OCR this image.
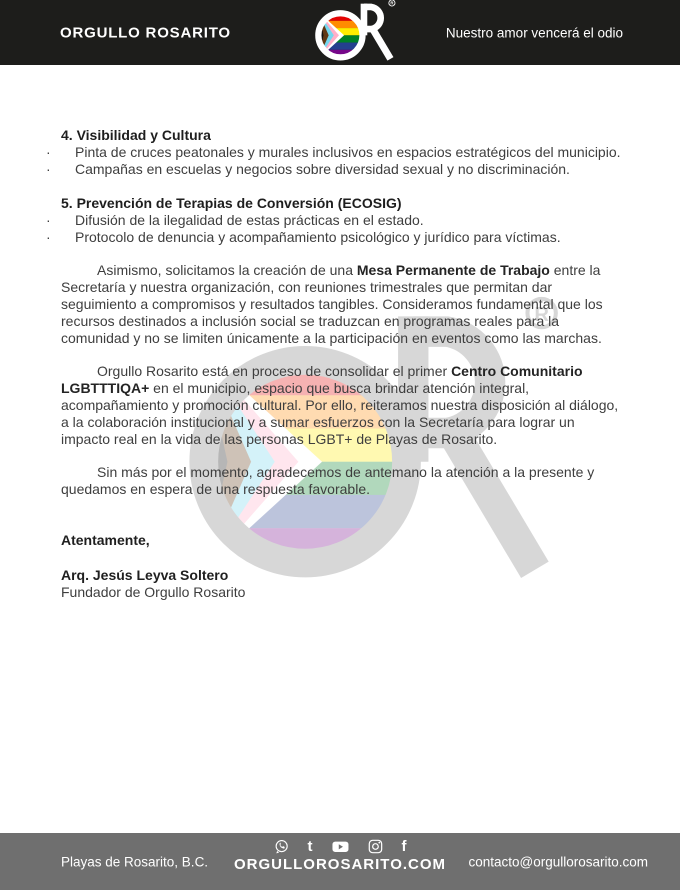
ORGULLO ROSARITO	Nuestro amor vencerá el odio
4. Visibilidad y Cultura
· Pinta de cruces peatonales y murales inclusivos en espacios estratégicos del municipio.
· Campañas en escuelas y negocios sobre diversidad sexual y no discriminación.
5. Prevención de Terapias de Conversión (ECOSIG)
· Difusión de la ilegalidad de estas prácticas en el estado.
· Protocolo de denuncia y acompañamiento psicológico y jurídico para víctimas.

Asimismo, solicitamos la creación de una Mesa Permanente de Trabajo entre la Secretaría y nuestra organización, con reuniones trimestrales que permitan dar seguimiento a compromisos y resultados tangibles. Consideramos fundamental que los recursos destinados a inclusión social se traduzcan en programas reales para la comunidad y no se limiten únicamente a la participación en eventos como las marchas.

Orgullo Rosarito está en proceso de consolidar el primer Centro Comunitario LGBTTTIQA+ en el municipio, espacio que busca brindar atención integral, acompañamiento y promoción cultural. Por ello, reiteramos nuestra disposición al diálogo, a la colaboración institucional y a sumar esfuerzos con la Secretaría para lograr un impacto real en la vida de las personas LGBT+ de Playas de Rosarito.

Sin más por el momento, agradecemos de antemano la atención a la presente y quedamos en espera de una respuesta favorable.

Atentamente,

Arq. Jesús Leyva Soltero

Fundador de Orgullo Rosarito

Playas de Rosarito, B.C.
t	f
ORGULLOROSARITO.COM contacto@orgullorosarito.com
